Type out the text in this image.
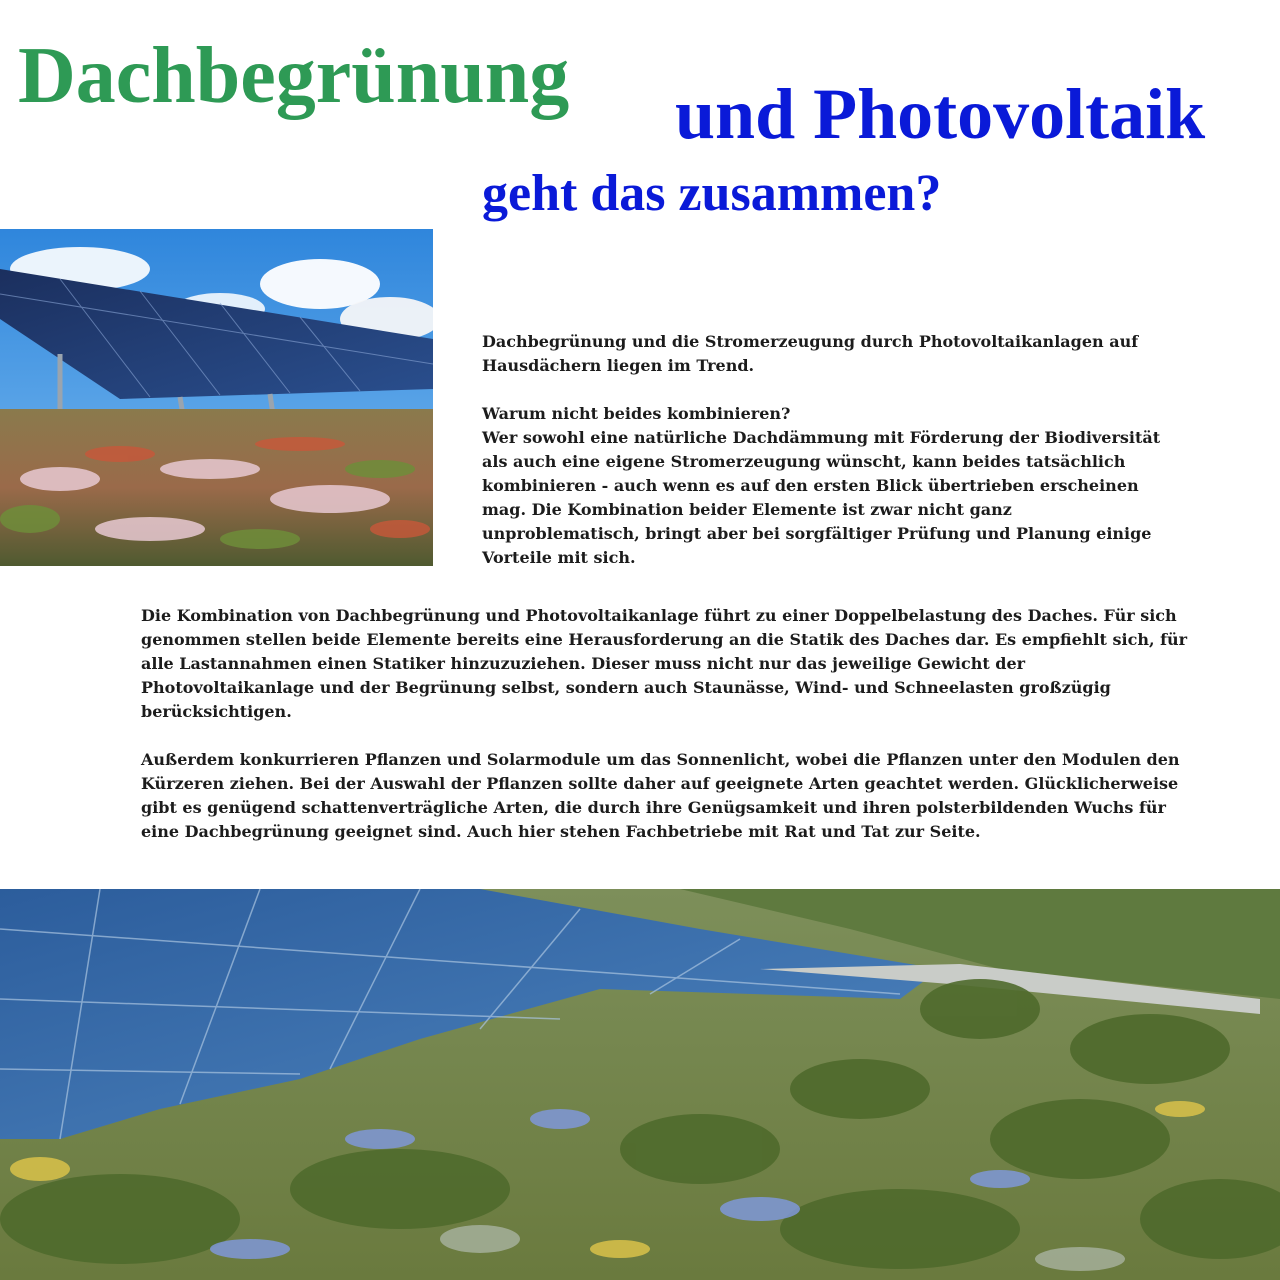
Dachbegrünung und Photovoltaik
geht das zusammen?

Dachbegrünung und die Stromerzeugung durch Photovoltaikanlagen auf Hausdächern liegen im Trend.

Warum nicht beides kombinieren?

Wer sowohl eine natürliche Dachdämmung mit Förderung der Biodiversität als auch eine eigene Stromerzeugung wünscht, kann beides tatsächlich kombinieren - auch wenn es auf den ersten Blick übertrieben erscheinen mag. Die Kombination beider Elemente ist zwar nicht ganz unproblematisch, bringt aber bei sorgfältiger Prüfung und Planung einige Vorteile mit sich.

Die Kombination von Dachbegrünung und Photovoltaikanlage führt zu einer Doppelbelastung des Daches. Für sich genommen stellen beide Elemente bereits eine Herausforderung an die Statik des Daches dar. Es empfiehlt sich, für alle Lastannahmen einen Statiker hinzuzuziehen. Dieser muss nicht nur das jeweilige Gewicht der Photovoltaikanlage und der Begrünung selbst, sondern auch Staunässe, Wind- und Schneelasten großzügig berücksichtigen.

Außerdem konkurrieren Pflanzen und Solarmodule um das Sonnenlicht, wobei die Pflanzen unter den Modulen den Kürzeren ziehen. Bei der Auswahl der Pflanzen sollte daher auf geeignete Arten geachtet werden. Glücklicherweise gibt es genügend schattenverträgliche Arten, die durch ihre Genügsamkeit und ihren polsterbildenden Wuchs für eine Dachbegrünung geeignet sind. Auch hier stehen Fachbetriebe mit Rat und Tat zur Seite.
